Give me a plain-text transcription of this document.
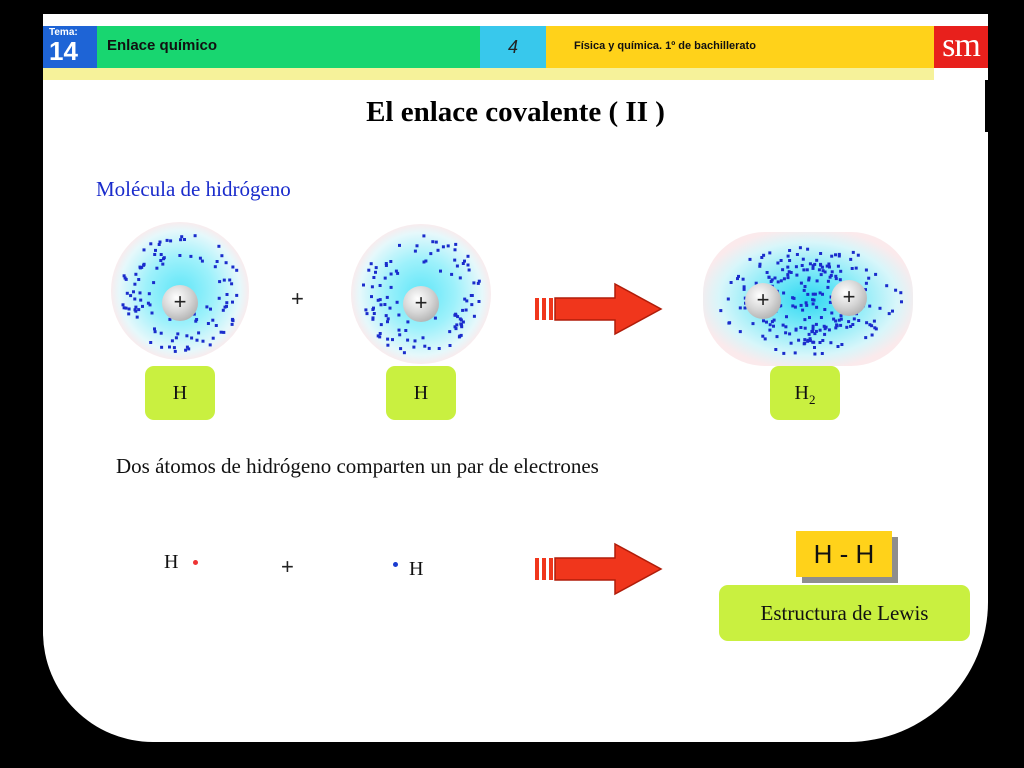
Tema:
14 Enlace químico	4	Física y química. 1º de bachillerato	sm
El enlace covalente ( II )
Molécula de hidrógeno
+	+	+	+	+
H	H	$H_2$
Dos átomos de hidrógeno comparten un par de electrones
H	+	H	H - H
Estructura de Lewis
